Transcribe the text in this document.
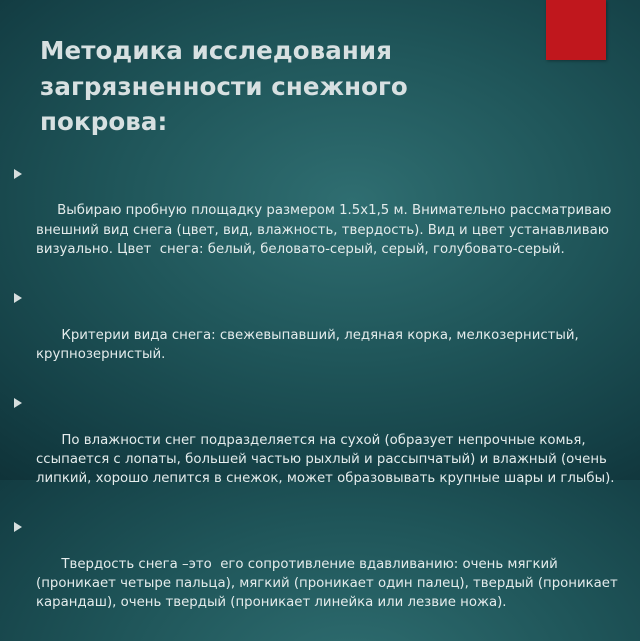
Методика исследования загрязненности снежного покрова:

Выбираю пробную площадку размером 1.5х1,5 м. Внимательно рассматриваю внешний вид снега (цвет, вид, влажность, твердость). Вид и цвет устанавливаю  визуально. Цвет  снега: белый, беловато-серый, серый, голубовато-серый.

Критерии вида снега: свежевыпавший, ледяная корка, мелкозернистый, крупнозернистый.

По влажности снег подразделяется на сухой (образует непрочные комья, ссыпается с лопаты, большей частью рыхлый и рассыпчатый) и влажный (очень липкий, хорошо лепится в снежок, может образовывать крупные шары и глыбы).

Твердость снега –это  его сопротивление вдавливанию: очень мягкий (проникает четыре пальца), мягкий (проникает один палец), твердый (проникает карандаш), очень твердый (проникает линейка или лезвие ножа).
